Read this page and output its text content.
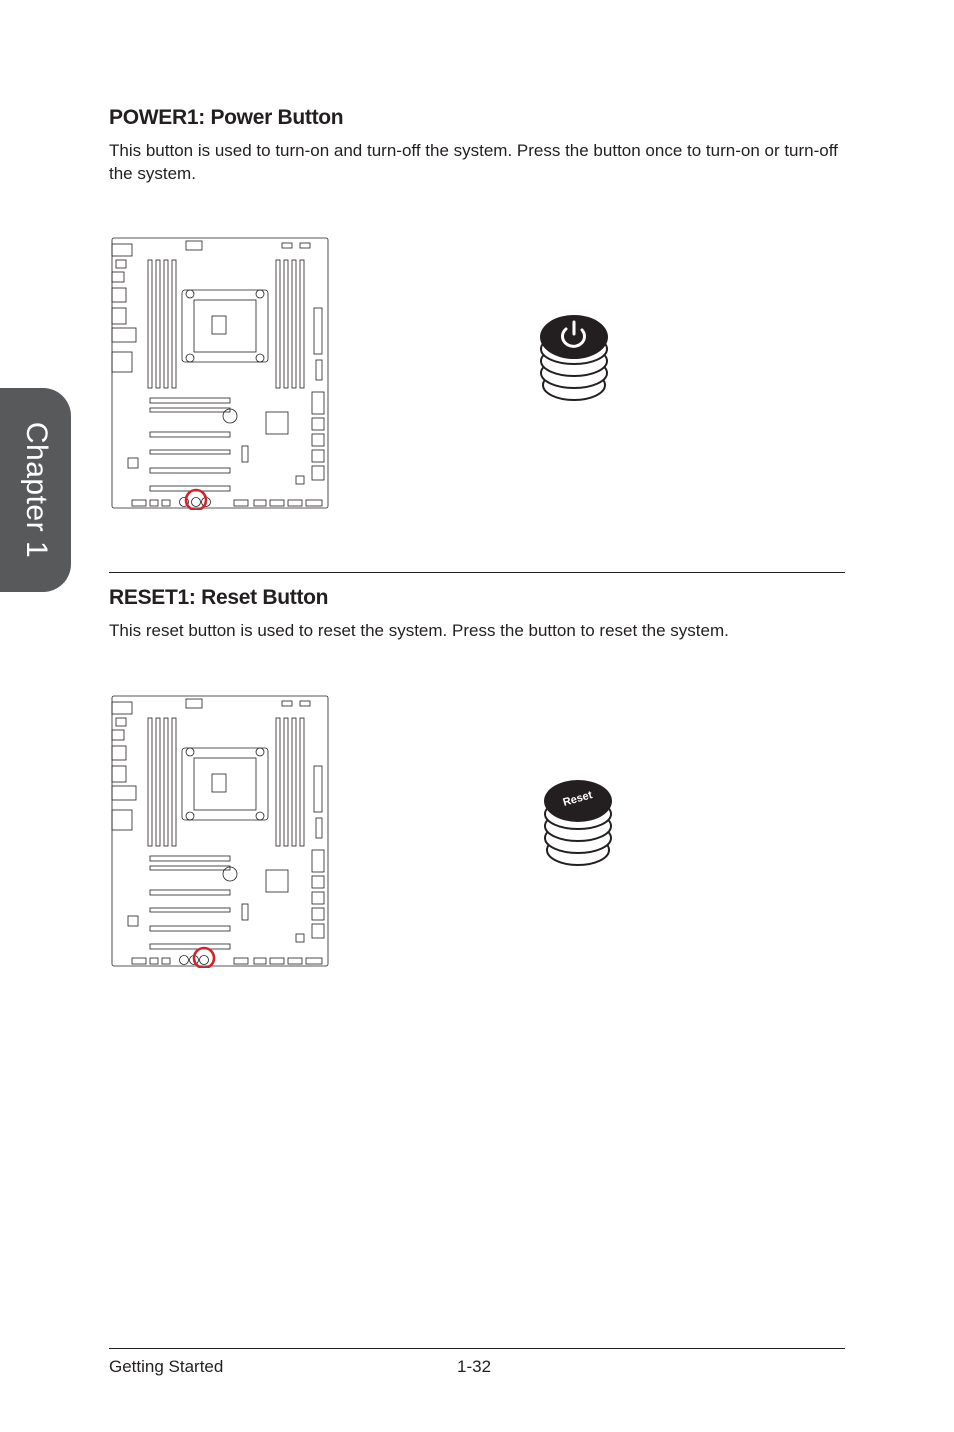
Chapter 1
POWER1: Power Button

This button is used to turn-on and turn-off the system. Press the button once to turn-on or turn-off the system.

RESET1: Reset Button

This reset button is used to reset the system. Press the button to reset the system.

Reset
Getting Started	1-32
